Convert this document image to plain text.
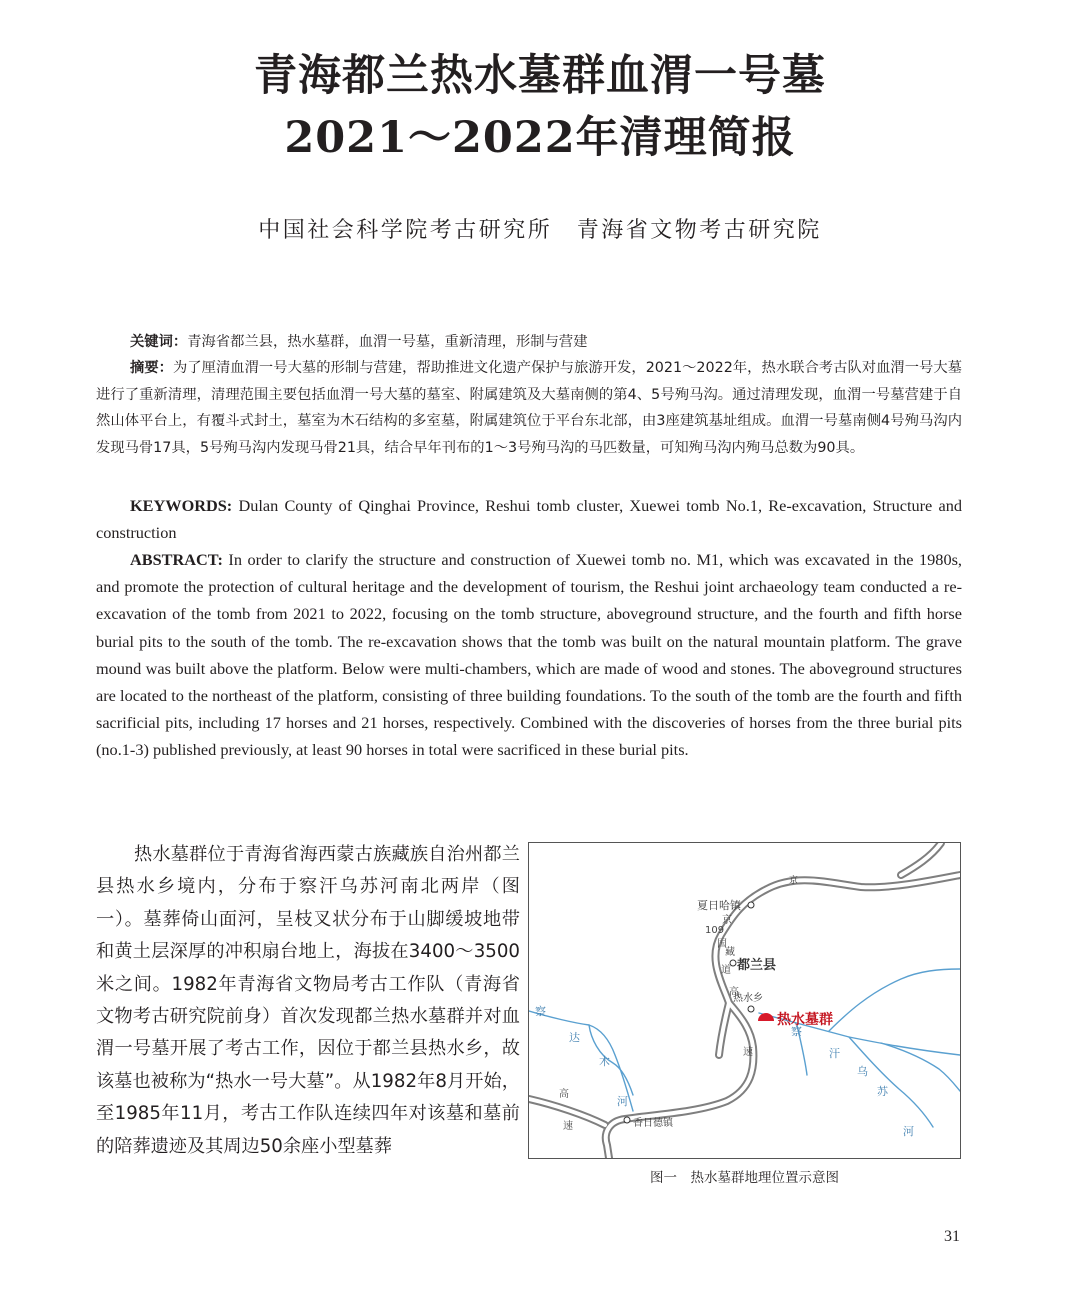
青海都兰热水墓群血渭一号墓
2021～2022年清理简报
中国社会科学院考古研究所　青海省文物考古研究院
关键词：青海省都兰县，热水墓群，血渭一号墓，重新清理，形制与营建
摘要：为了厘清血渭一号大墓的形制与营建，帮助推进文化遗产保护与旅游开发，2021～2022年，热水联合考古队对血渭一号大墓进行了重新清理，清理范围主要包括血渭一号大墓的墓室、附属建筑及大墓南侧的第4、5号殉马沟。通过清理发现，血渭一号墓营建于自然山体平台上，有覆斗式封土，墓室为木石结构的多室墓，附属建筑位于平台东北部，由3座建筑基址组成。血渭一号墓南侧4号殉马沟内发现马骨17具，5号殉马沟内发现马骨21具，结合早年刊布的1～3号殉马沟的马匹数量，可知殉马沟内殉马总数为90具。
KEYWORDS: Dulan County of Qinghai Province, Reshui tomb cluster, Xuewei tomb No.1, Re-excavation, Structure and construction
ABSTRACT: In order to clarify the structure and construction of Xuewei tomb no. M1, which was excavated in the 1980s, and promote the protection of cultural heritage and the development of tourism, the Reshui joint archaeology team conducted a re-excavation of the tomb from 2021 to 2022, focusing on the tomb structure, aboveground structure, and the fourth and fifth horse burial pits to the south of the tomb. The re-excavation shows that the tomb was built on the natural mountain platform. The grave mound was built above the platform. Below were multi-chambers, which are made of wood and stones. The aboveground structures are located to the northeast of the platform, consisting of three building foundations. To the south of the tomb are the fourth and fifth sacrificial pits, including 17 horses and 21 horses, respectively. Combined with the discoveries of horses from the three burial pits (no.1-3) published previously, at least 90 horses in total were sacrificed in these burial pits.
热水墓群位于青海省海西蒙古族藏族自治州都兰县热水乡境内，分布于察汗乌苏河南北两岸（图一）。墓葬倚山面河，呈枝叉状分布于山脚缓坡地带和黄土层深厚的冲积扇台地上，海拔在3400～3500米之间。1982年青海省文物局考古工作队（青海省文物考古研究院前身）首次发现都兰热水墓群并对血渭一号墓开展了考古工作，因位于都兰县热水乡，故该墓也被称为“热水一号大墓”。从1982年8月开始，至1985年11月，考古工作队连续四年对该墓和墓前的陪葬遗迹及其周边50余座小型墓葬
夏日哈镇
都兰县
热水乡
热水墓群
香日德镇
京
察
达
木
河
察
汗
乌
苏
河
109
国
道
京
藏
高
速
高
速
图一　热水墓群地理位置示意图
31
